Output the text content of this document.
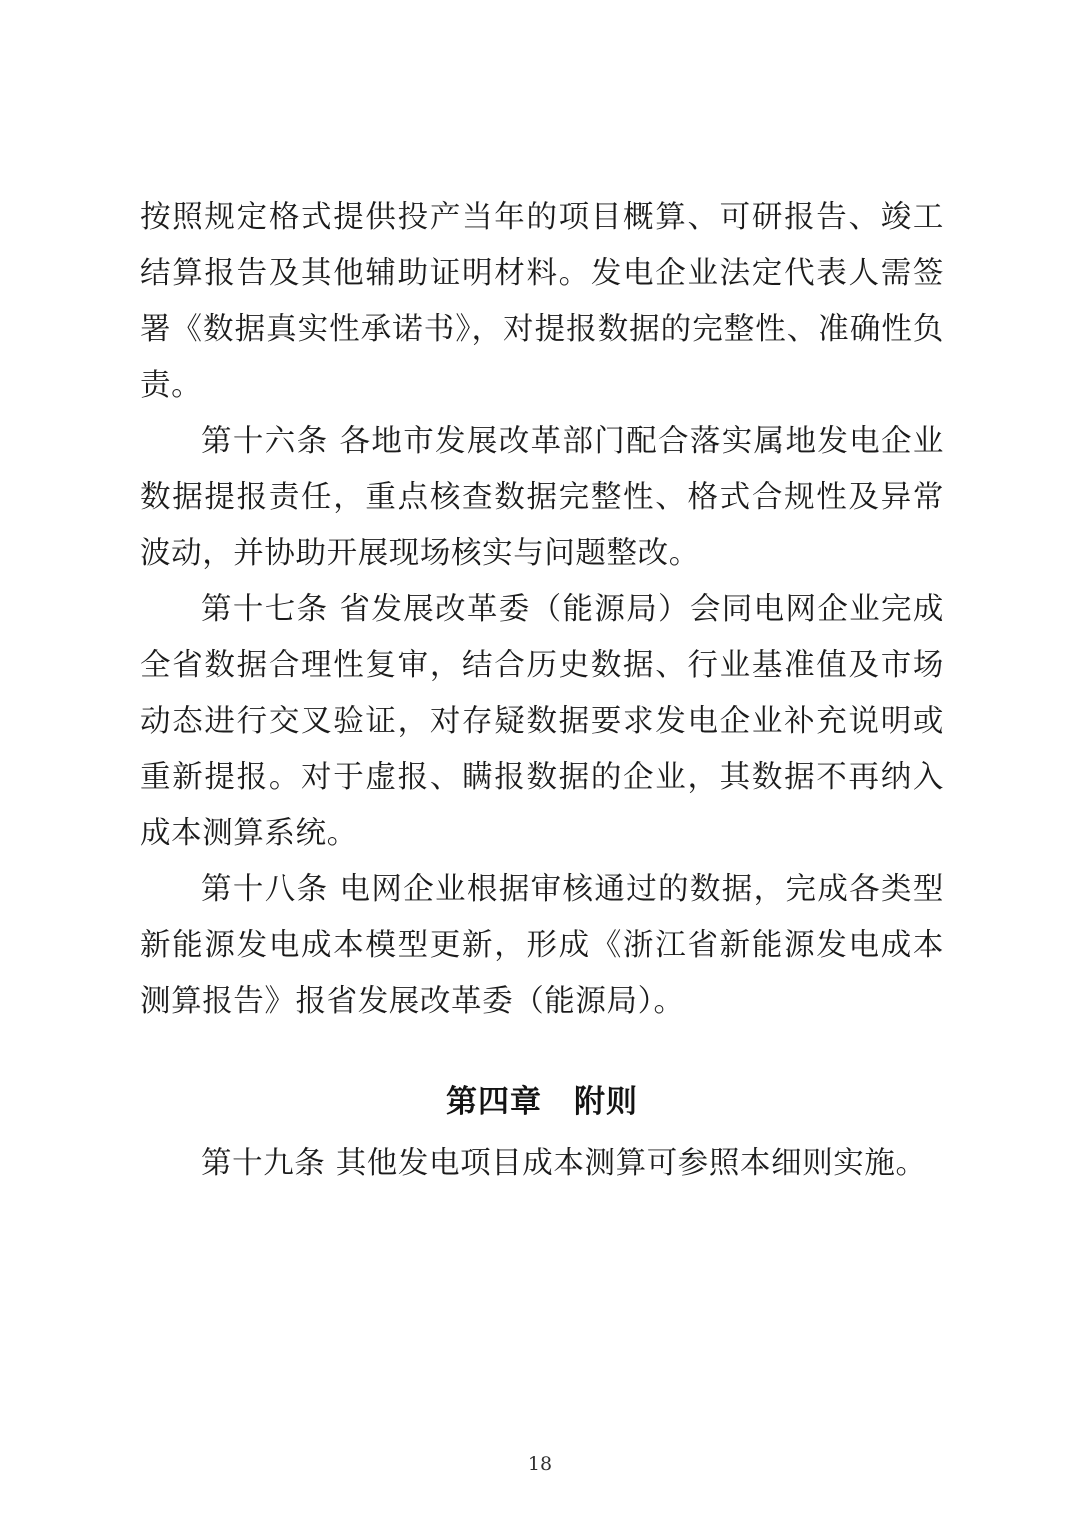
按照规定格式提供投产当年的项目概算、可研报告、竣工结算报告及其他辅助证明材料。发电企业法定代表人需签署《数据真实性承诺书》，对提报数据的完整性、准确性负责。

第十六条 各地市发展改革部门配合落实属地发电企业数据提报责任，重点核查数据完整性、格式合规性及异常波动，并协助开展现场核实与问题整改。

第十七条 省发展改革委（能源局）会同电网企业完成全省数据合理性复审，结合历史数据、行业基准值及市场动态进行交叉验证，对存疑数据要求发电企业补充说明或重新提报。对于虚报、瞒报数据的企业，其数据不再纳入成本测算系统。

第十八条 电网企业根据审核通过的数据，完成各类型新能源发电成本模型更新，形成《浙江省新能源发电成本测算报告》报省发展改革委（能源局）。

第四章 附则

第十九条 其他发电项目成本测算可参照本细则实施。

18
